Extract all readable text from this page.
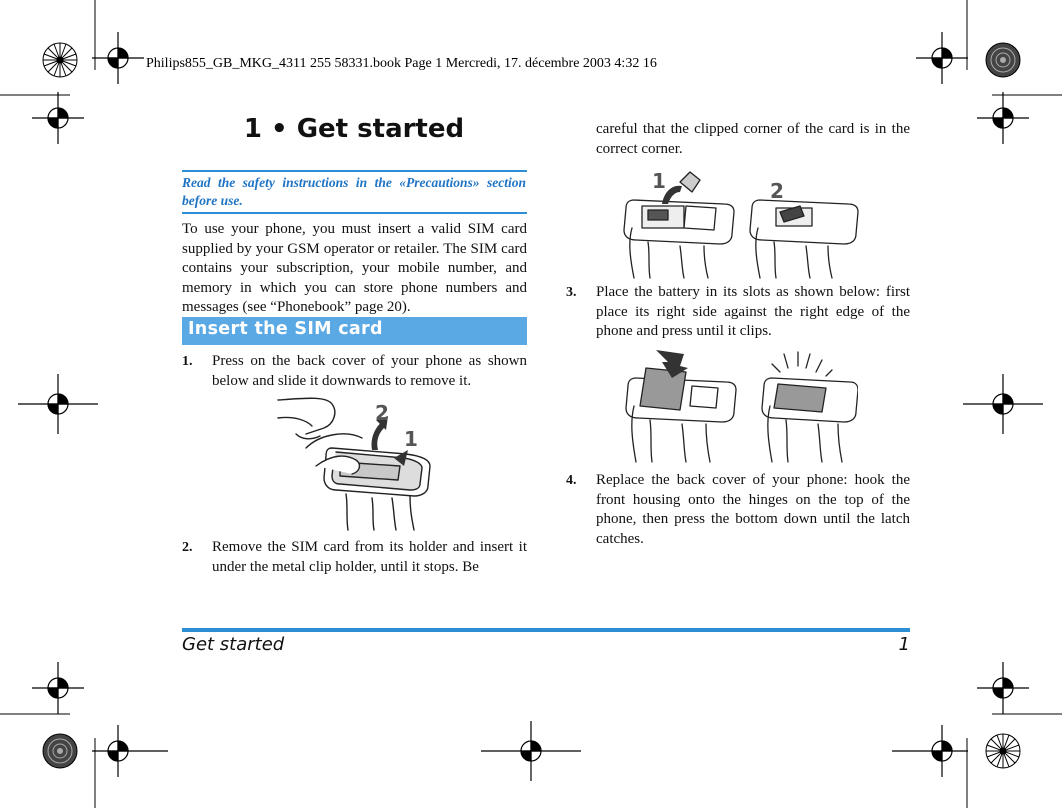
Philips855_GB_MKG_4311 255 58331.book Page 1 Mercredi, 17. décembre 2003 4:32 16
1 • Get started
Read the safety instructions in the «Precautions» section before use.
To use your phone, you must insert a valid SIM card supplied by your GSM operator or retailer. The SIM card contains your subscription, your mobile number, and memory in which you can store phone numbers and messages (see “Phonebook” page 20).
Insert the SIM card
1.	Press on the back cover of your phone as shown below and slide it downwards to remove it.
2
1
2.	Remove the SIM card from its holder and insert it under the metal clip holder, until it stops. Be
careful that the clipped corner of the card is in the correct corner.
1	2
3.	Place the battery in its slots as shown below: first place its right side against the right edge of the phone and press until it clips.
4.	Replace the back cover of your phone: hook the front housing onto the hinges on the top of the phone, then press the bottom down until the latch catches.
Get started	1
